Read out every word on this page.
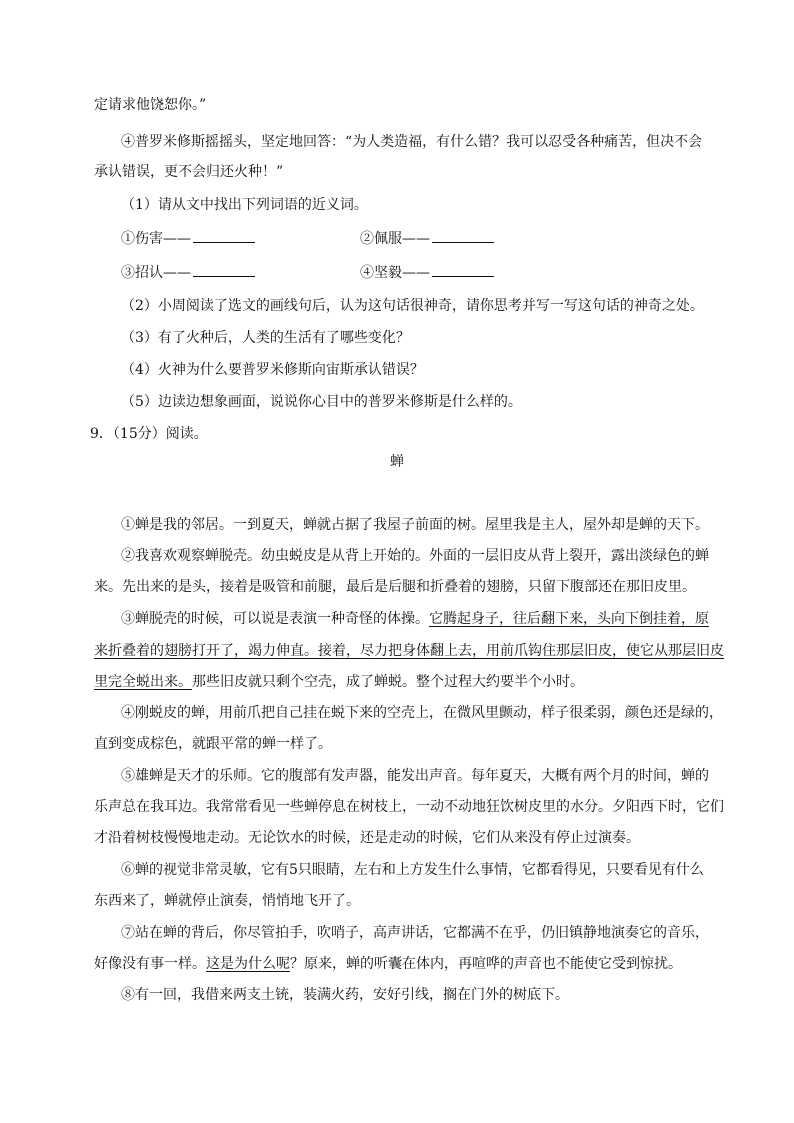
定请求他饶恕你。”
④普罗米修斯摇摇头，坚定地回答：“为人类造福，有什么错？我可以忍受各种痛苦，但决不会
承认错误，更不会归还火种！”
（1）请从文中找出下列词语的近义词。
①伤害——	②佩服——
③招认——	④坚毅——
（2）小周阅读了选文的画线句后，认为这句话很神奇，请你思考并写一写这句话的神奇之处。
（3）有了火种后，人类的生活有了哪些变化？
（4）火神为什么要普罗米修斯向宙斯承认错误？
（5）边读边想象画面，说说你心目中的普罗米修斯是什么样的。
9．（15分）阅读。
蝉
①蝉是我的邻居。一到夏天，蝉就占据了我屋子前面的树。屋里我是主人，屋外却是蝉的天下。
②我喜欢观察蝉脱壳。幼虫蜕皮是从背上开始的。外面的一层旧皮从背上裂开，露出淡绿色的蝉
来。先出来的是头，接着是吸管和前腿，最后是后腿和折叠着的翅膀，只留下腹部还在那旧皮里。
③蝉脱壳的时候，可以说是表演一种奇怪的体操。它腾起身子，往后翻下来，头向下倒挂着，原
来折叠着的翅膀打开了，竭力伸直。接着，尽力把身体翻上去，用前爪钩住那层旧皮，使它从那层旧皮
里完全蜕出来。那些旧皮就只剩个空壳，成了蝉蜕。整个过程大约要半个小时。
④刚蜕皮的蝉，用前爪把自己挂在蜕下来的空壳上，在微风里颤动，样子很柔弱，颜色还是绿的，
直到变成棕色，就跟平常的蝉一样了。
⑤雄蝉是天才的乐师。它的腹部有发声器，能发出声音。每年夏天，大概有两个月的时间，蝉的
乐声总在我耳边。我常常看见一些蝉停息在树枝上，一动不动地狂饮树皮里的水分。夕阳西下时，它们
才沿着树枝慢慢地走动。无论饮水的时候，还是走动的时候，它们从来没有停止过演奏。
⑥蝉的视觉非常灵敏，它有5只眼睛，左右和上方发生什么事情，它都看得见，只要看见有什么
东西来了，蝉就停止演奏，悄悄地飞开了。
⑦站在蝉的背后，你尽管拍手，吹哨子，高声讲话，它都满不在乎，仍旧镇静地演奏它的音乐，
好像没有事一样。这是为什么呢？原来，蝉的听囊在体内，再喧哗的声音也不能使它受到惊扰。
⑧有一回，我借来两支土铳，装满火药，安好引线，搁在门外的树底下。
